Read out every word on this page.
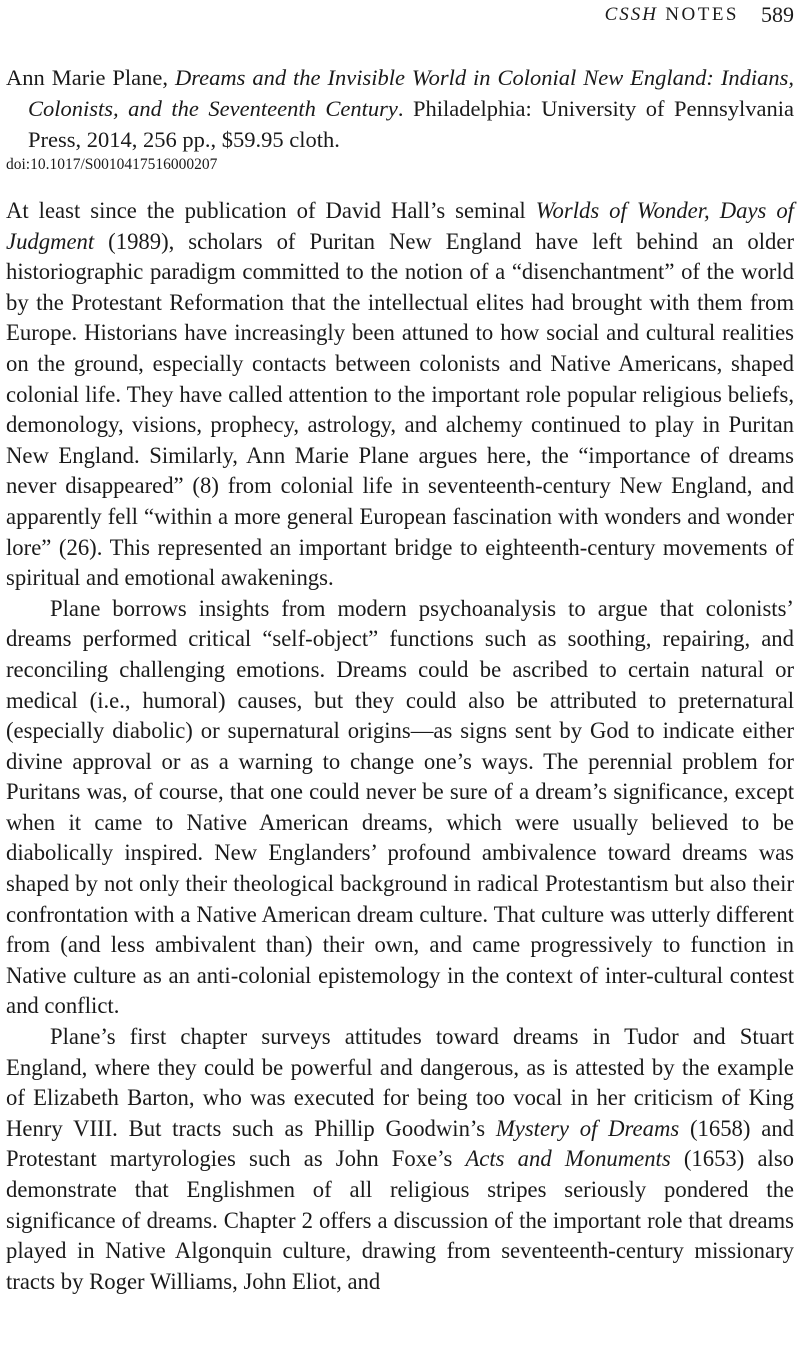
CSSH NOTES 589
Ann Marie Plane, Dreams and the Invisible World in Colonial New England: Indians, Colonists, and the Seventeenth Century. Philadelphia: University of Pennsylvania Press, 2014, 256 pp., $59.95 cloth.
doi:10.1017/S0010417516000207

At least since the publication of David Hall’s seminal Worlds of Wonder, Days of Judgment (1989), scholars of Puritan New England have left behind an older historiographic paradigm committed to the notion of a “disenchantment” of the world by the Protestant Reformation that the intellectual elites had brought with them from Europe. Historians have increasingly been attuned to how social and cultural realities on the ground, especially contacts between colonists and Native Americans, shaped colonial life. They have called attention to the important role popular religious beliefs, demonology, visions, prophecy, astrology, and alchemy continued to play in Puritan New England. Similarly, Ann Marie Plane argues here, the “importance of dreams never disappeared” (8) from colonial life in seventeenth-century New England, and apparently fell “within a more general European fascination with wonders and wonder lore” (26). This represented an important bridge to eighteenth-century movements of spiritual and emotional awakenings.

Plane borrows insights from modern psychoanalysis to argue that colonists’ dreams performed critical “self-object” functions such as soothing, repairing, and reconciling challenging emotions. Dreams could be ascribed to certain natural or medical (i.e., humoral) causes, but they could also be attributed to preternatural (especially diabolic) or supernatural origins—as signs sent by God to indicate either divine approval or as a warning to change one’s ways. The perennial problem for Puritans was, of course, that one could never be sure of a dream’s significance, except when it came to Native American dreams, which were usually believed to be diabolically inspired. New Englanders’ profound ambivalence toward dreams was shaped by not only their theological background in radical Protestantism but also their confrontation with a Native American dream culture. That culture was utterly different from (and less ambivalent than) their own, and came progressively to function in Native culture as an anti-colonial epistemology in the context of inter-cultural contest and conflict.

Plane’s first chapter surveys attitudes toward dreams in Tudor and Stuart England, where they could be powerful and dangerous, as is attested by the example of Elizabeth Barton, who was executed for being too vocal in her criticism of King Henry VIII. But tracts such as Phillip Goodwin’s Mystery of Dreams (1658) and Protestant martyrologies such as John Foxe’s Acts and Monuments (1653) also demonstrate that Englishmen of all religious stripes seriously pondered the significance of dreams. Chapter 2 offers a discussion of the important role that dreams played in Native Algonquin culture, drawing from seventeenth-century missionary tracts by Roger Williams, John Eliot, and
